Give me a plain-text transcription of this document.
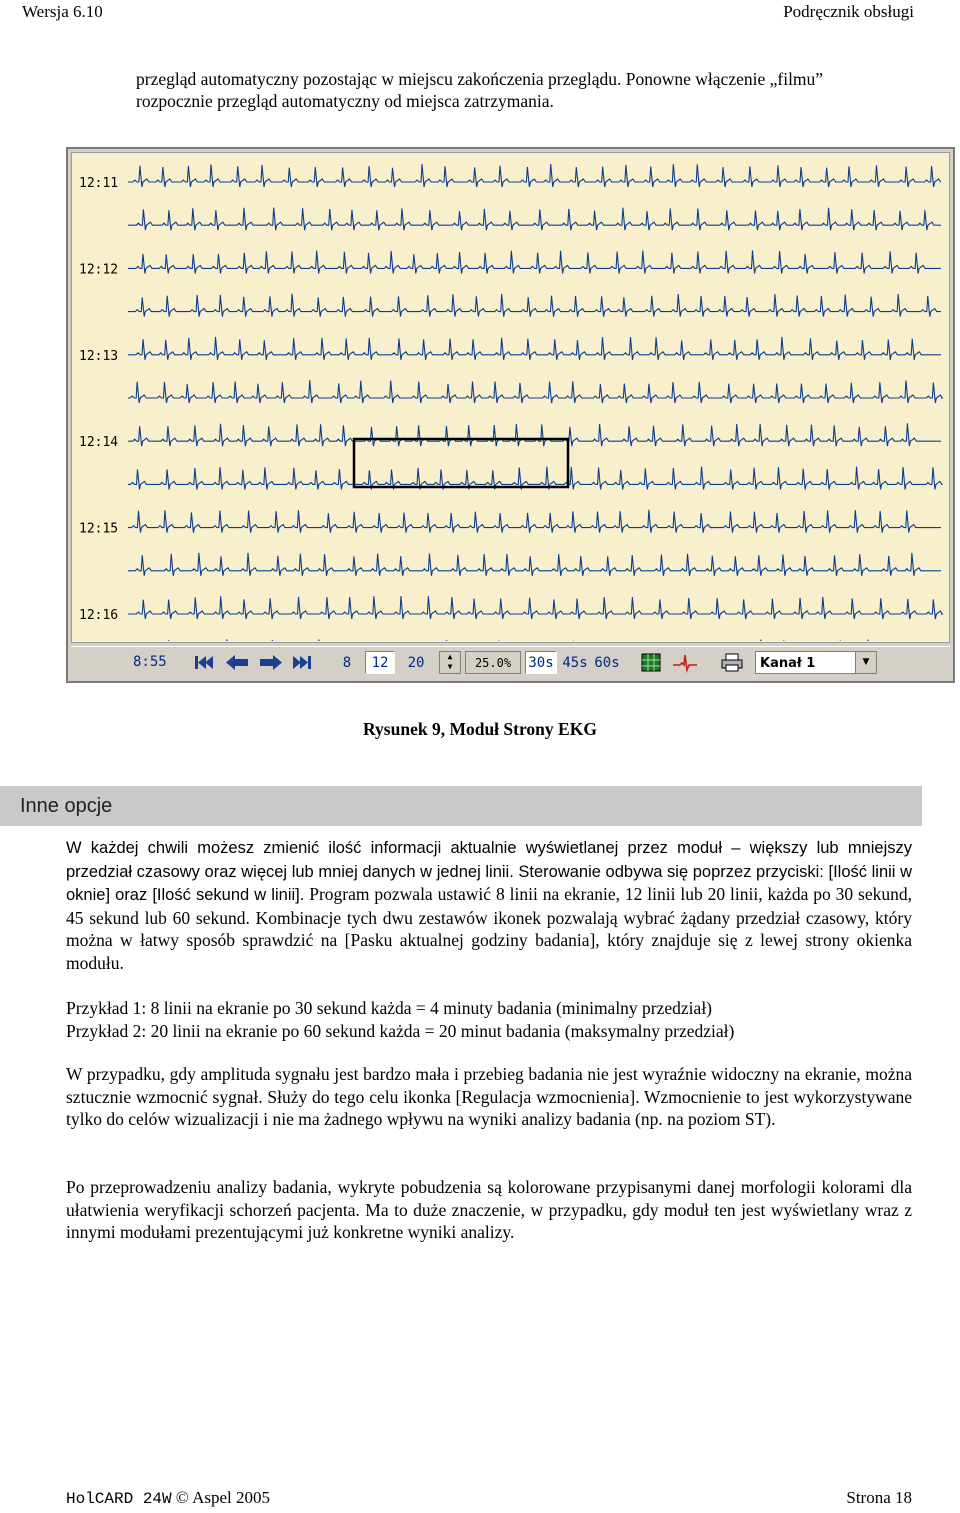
Wersja 6.10	Podręcznik obsługi
przegląd automatyczny pozostając w miejscu zakończenia przeglądu. Ponowne włączenie „filmu”
rozpocznie przegląd automatyczny od miejsca zatrzymania.
12:11
12:12
12:13
12:14
12:15
12:16
8:55	8	12	20	▲
▼	25.0%	30s 45s 60s	Kanał 1	▼
Rysunek 9, Moduł Strony EKG
Inne opcje
W każdej chwili możesz zmienić ilość informacji aktualnie wyświetlanej przez moduł – większy lub mniejszy przedział czasowy oraz więcej lub mniej danych w jednej linii. Sterowanie odbywa się poprzez przyciski: [Ilość linii w oknie] oraz [Ilość sekund w linii]. Program pozwala ustawić 8 linii na ekranie, 12 linii lub 20 linii, każda po 30 sekund, 45 sekund lub 60 sekund. Kombinacje tych dwu zestawów ikonek pozwalają wybrać żądany przedział czasowy, który można w łatwy sposób sprawdzić na [Pasku aktualnej godziny badania], który znajduje się z lewej strony okienka modułu.
Przykład 1: 8 linii na ekranie po 30 sekund każda = 4 minuty badania (minimalny przedział)
Przykład 2: 20 linii na ekranie po 60 sekund każda = 20 minut badania (maksymalny przedział)
W przypadku, gdy amplituda sygnału jest bardzo mała i przebieg badania nie jest wyraźnie widoczny na ekranie, można sztucznie wzmocnić sygnał. Służy do tego celu ikonka [Regulacja wzmocnienia]. Wzmocnienie to jest wykorzystywane tylko do celów wizualizacji i nie ma żadnego wpływu na wyniki analizy badania (np. na poziom ST).
Po przeprowadzeniu analizy badania, wykryte pobudzenia są kolorowane przypisanymi danej morfologii kolorami dla ułatwienia weryfikacji schorzeń pacjenta. Ma to duże znaczenie, w przypadku, gdy moduł ten jest wyświetlany wraz z innymi modułami prezentującymi już konkretne wyniki analizy.
HolCARD 24W © Aspel 2005	Strona 18
